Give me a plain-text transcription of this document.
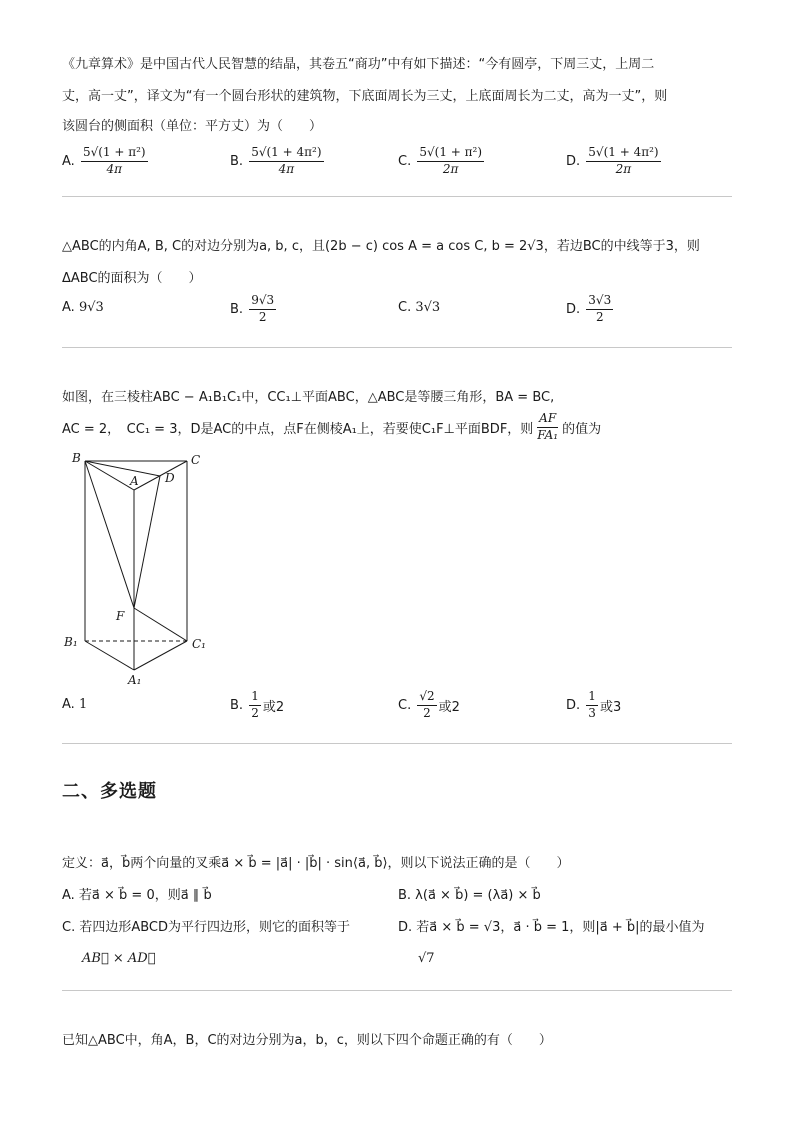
《九章算术》是中国古代人民智慧的结晶，其卷五“商功”中有如下描述：“今有圆亭，下周三丈，上周二
丈，高一丈”，译文为“有一个圆台形状的建筑物，下底面周长为三丈，上底面周长为二丈，高为一丈”，则
该圆台的侧面积（单位：平方丈）为（　　）
A.
$\frac{\text{5√(1 + π²)}}{4\pi}$	B.
$\frac{\text{5√(1 + 4π²)}}{4\pi}$	C.
$\frac{\text{5√(1 + π²)}}{2\pi}$	D.
$\frac{\text{5√(1 + 4π²)}}{2\pi}$
△ABC的内角A, B, C的对边分别为a, b, c，且(2b − c) cos A = a cos C, b = 2√3，若边BC的中线等于3，则
ΔABC的面积为（　　）
A.
9√3	B.
$\frac{9√3}{2}$	C.
3√3	D.
$\frac{3√3}{2}$
如图，在三棱柱ABC − A₁B₁C₁中，CC₁⊥平面ABC，△ABC是等腰三角形，BA = BC,
AC = 2，　CC₁ = 3，D是AC的中点，点F在侧棱A₁上，若要使C₁F⊥平面BDF，则 $\frac{AF}{\text{FA₁}}$ 的值为
B	C
A D
F
B₁	C₁
A₁
A.
1	B.
$\frac{1}{2}$ 或2	C.
$\frac{√2}{2}$ 或2	D.
$\frac{1}{3}$ 或3
二、多选题
定义：a⃗，b⃗两个向量的叉乘a⃗ × b⃗ = |a⃗| · |b⃗| · sin⟨a⃗, b⃗⟩，则以下说法正确的是（　　）
A. 若a⃗ × b⃗ = 0，则a⃗ ∥ b⃗	B. λ(a⃗ × b⃗) = (λa⃗) × b⃗
C. 若四边形ABCD为平行四边形，则它的面积等于
AB⃗ × AD⃗
D. 若a⃗ × b⃗ = √3，a⃗ · b⃗ = 1，则|a⃗ + b⃗|的最小值为
√7
已知△ABC中，角A，B，C的对边分别为a，b，c，则以下四个命题正确的有（　　）
